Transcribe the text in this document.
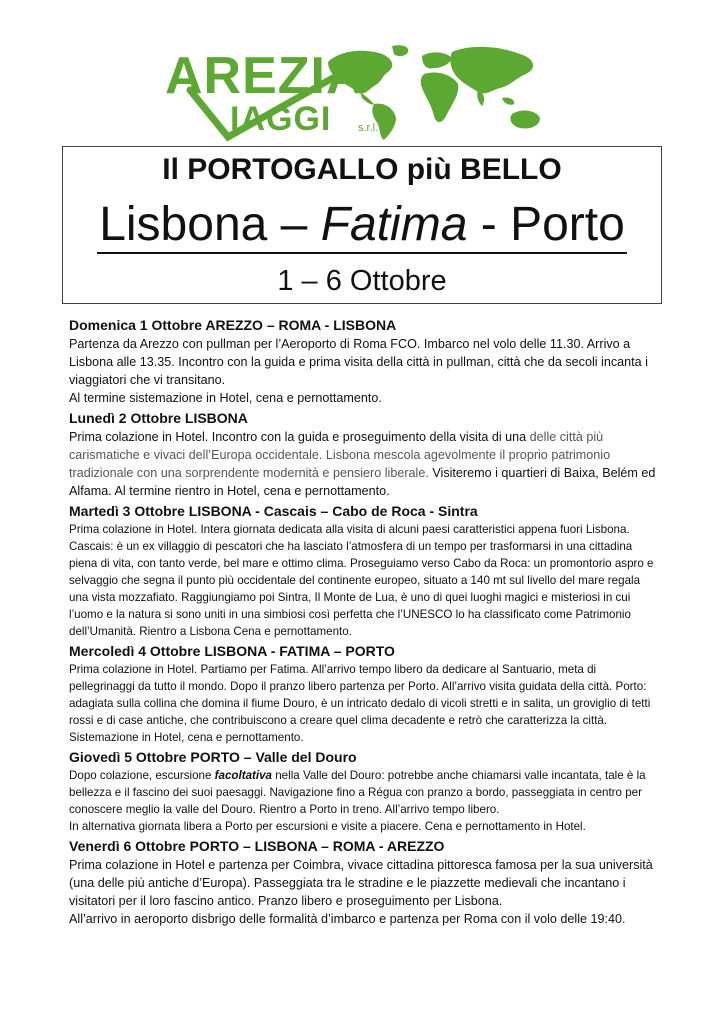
AREZIA
IAGGI s.r.l.
Il PORTOGALLO più BELLO
Lisbona – Fatima - Porto
1 – 6 Ottobre

Domenica 1 Ottobre AREZZO – ROMA - LISBONA

Partenza da Arezzo con pullman per l’Aeroporto di Roma FCO. Imbarco nel volo delle 11.30. Arrivo a Lisbona alle 13.35. Incontro con la guida e prima visita della città in pullman, città che da secoli incanta i viaggiatori che vi transitano.
Al termine sistemazione in Hotel, cena e pernottamento.

Lunedì 2 Ottobre LISBONA

Prima colazione in Hotel. Incontro con la guida e proseguimento della visita di una delle città più carismatiche e vivaci dell’Europa occidentale. Lisbona mescola agevolmente il proprio patrimonio tradizionale con una sorprendente modernità e pensiero liberale. Visiteremo i quartieri di Baixa, Belém ed Alfama. Al termine rientro in Hotel, cena e pernottamento.

Martedì 3 Ottobre LISBONA - Cascais – Cabo de Roca - Sintra

Prima colazione in Hotel. Intera giornata dedicata alla visita di alcuni paesi caratteristici appena fuori Lisbona. Cascais: è un ex villaggio di pescatori che ha lasciato l’atmosfera di un tempo per trasformarsi in una cittadina piena di vita, con tanto verde, bel mare e ottimo clima. Proseguiamo verso Cabo da Roca: un promontorio aspro e selvaggio che segna il punto più occidentale del continente europeo, situato a 140 mt sul livello del mare regala una vista mozzafiato. Raggiungiamo poi Sintra, Il Monte de Lua, è uno di quei luoghi magici e misteriosi in cui l’uomo e la natura si sono uniti in una simbiosi così perfetta che l’UNESCO lo ha classificato come Patrimonio dell’Umanità. Rientro a Lisbona Cena e pernottamento.

Mercoledì 4 Ottobre LISBONA - FATIMA – PORTO

Prima colazione in Hotel. Partiamo per Fatima. All’arrivo tempo libero da dedicare al Santuario, meta di pellegrinaggi da tutto il mondo. Dopo il pranzo libero partenza per Porto. All’arrivo visita guidata della città. Porto: adagiata sulla collina che domina il fiume Douro, è un intricato dedalo di vicoli stretti e in salita, un groviglio di tetti rossi e di case antiche, che contribuiscono a creare quel clima decadente e retrò che caratterizza la città. Sistemazione in Hotel, cena e pernottamento.

Giovedì 5 Ottobre PORTO – Valle del Douro

Dopo colazione, escursione facoltativa nella Valle del Douro: potrebbe anche chiamarsi valle incantata, tale è la bellezza e il fascino dei suoi paesaggi. Navigazione fino a Régua con pranzo a bordo, passeggiata in centro per conoscere meglio la valle del Douro. Rientro a Porto in treno. All’arrivo tempo libero.
In alternativa giornata libera a Porto per escursioni e visite a piacere. Cena e pernottamento in Hotel.

Venerdì 6 Ottobre PORTO – LISBONA – ROMA - AREZZO

Prima colazione in Hotel e partenza per Coimbra, vivace cittadina pittoresca famosa per la sua università (una delle più antiche d’Europa). Passeggiata tra le stradine e le piazzette medievali che incantano i visitatori per il loro fascino antico. Pranzo libero e proseguimento per Lisbona.
All’arrivo in aeroporto disbrigo delle formalità d’imbarco e partenza per Roma con il volo delle 19:40.
